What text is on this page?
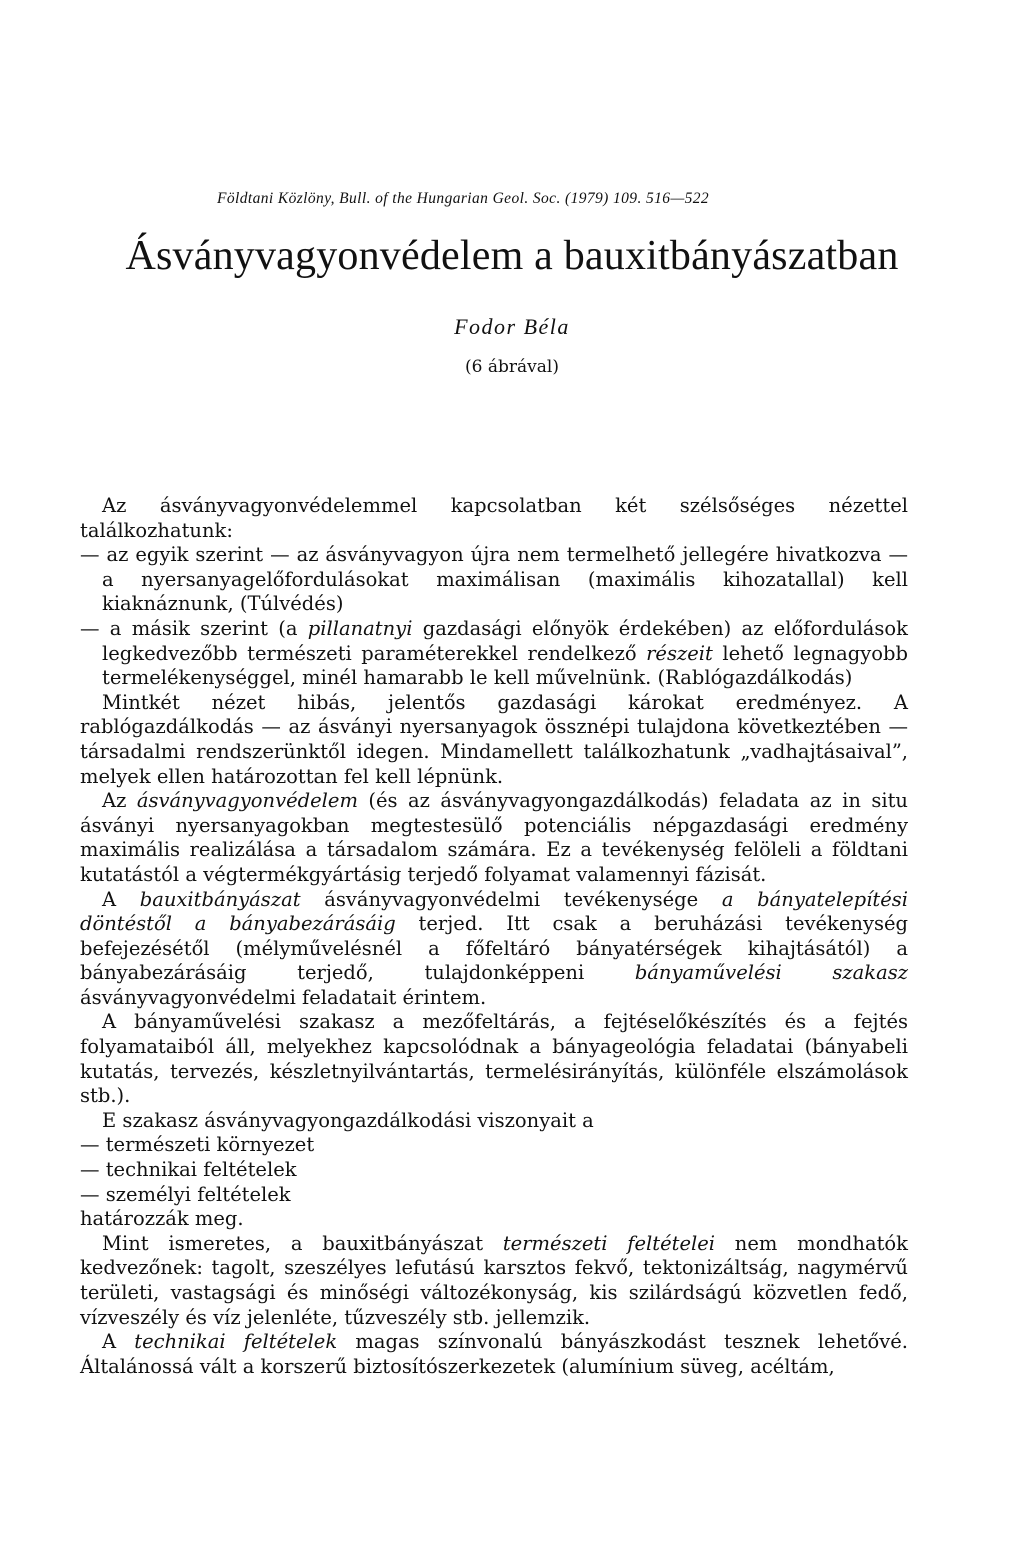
Földtani Közlöny, Bull. of the Hungarian Geol. Soc. (1979) 109. 516—522
Ásványvagyonvédelem a bauxitbányászatban
Fodor Béla
(6 ábrával)

Az ásványvagyonvédelemmel kapcsolatban két szélsőséges nézettel találkozhatunk:

— az egyik szerint — az ásványvagyon újra nem termelhető jellegére hivatkozva — a nyersanyagelőfordulásokat maximálisan (maximális kihozatallal) kell kiaknáznunk, (Túlvédés)

— a másik szerint (a pillanatnyi gazdasági előnyök érdekében) az előfordulások legkedvezőbb természeti paraméterekkel rendelkező részeit lehető legnagyobb termelékenységgel, minél hamarabb le kell művelnünk. (Rablógazdálkodás)

Mintkét nézet hibás, jelentős gazdasági károkat eredményez. A rablógazdálkodás — az ásványi nyersanyagok össznépi tulajdona következtében — társadalmi rendszerünktől idegen. Mindamellett találkozhatunk „vadhajtásaival”, melyek ellen határozottan fel kell lépnünk.

Az ásványvagyonvédelem (és az ásványvagyongazdálkodás) feladata az in situ ásványi nyersanyagokban megtestesülő potenciális népgazdasági eredmény maximális realizálása a társadalom számára. Ez a tevékenység felöleli a földtani kutatástól a végtermékgyártásig terjedő folyamat valamennyi fázisát.

A bauxitbányászat ásványvagyonvédelmi tevékenysége a bányatelepítési döntéstől a bányabezárásáig terjed. Itt csak a beruházási tevékenység befejezésétől (mélyművelésnél a főfeltáró bányatérségek kihajtásától) a bányabezárásáig terjedő, tulajdonképpeni bányaművelési szakasz ásványvagyonvédelmi feladatait érintem.

A bányaművelési szakasz a mezőfeltárás, a fejtéselőkészítés és a fejtés folyamataiból áll, melyekhez kapcsolódnak a bányageológia feladatai (bányabeli kutatás, tervezés, készletnyilvántartás, termelésirányítás, különféle elszámolások stb.).

E szakasz ásványvagyongazdálkodási viszonyait a

— természeti környezet

— technikai feltételek

— személyi feltételek

határozzák meg.

Mint ismeretes, a bauxitbányászat természeti feltételei nem mondhatók kedvezőnek: tagolt, szeszélyes lefutású karsztos fekvő, tektonizáltság, nagymérvű területi, vastagsági és minőségi változékonyság, kis szilárdságú közvetlen fedő, vízveszély és víz jelenléte, tűzveszély stb. jellemzik.

A technikai feltételek magas színvonalú bányászkodást tesznek lehetővé. Általánossá vált a korszerű biztosítószerkezetek (alumínium süveg, acéltám,
